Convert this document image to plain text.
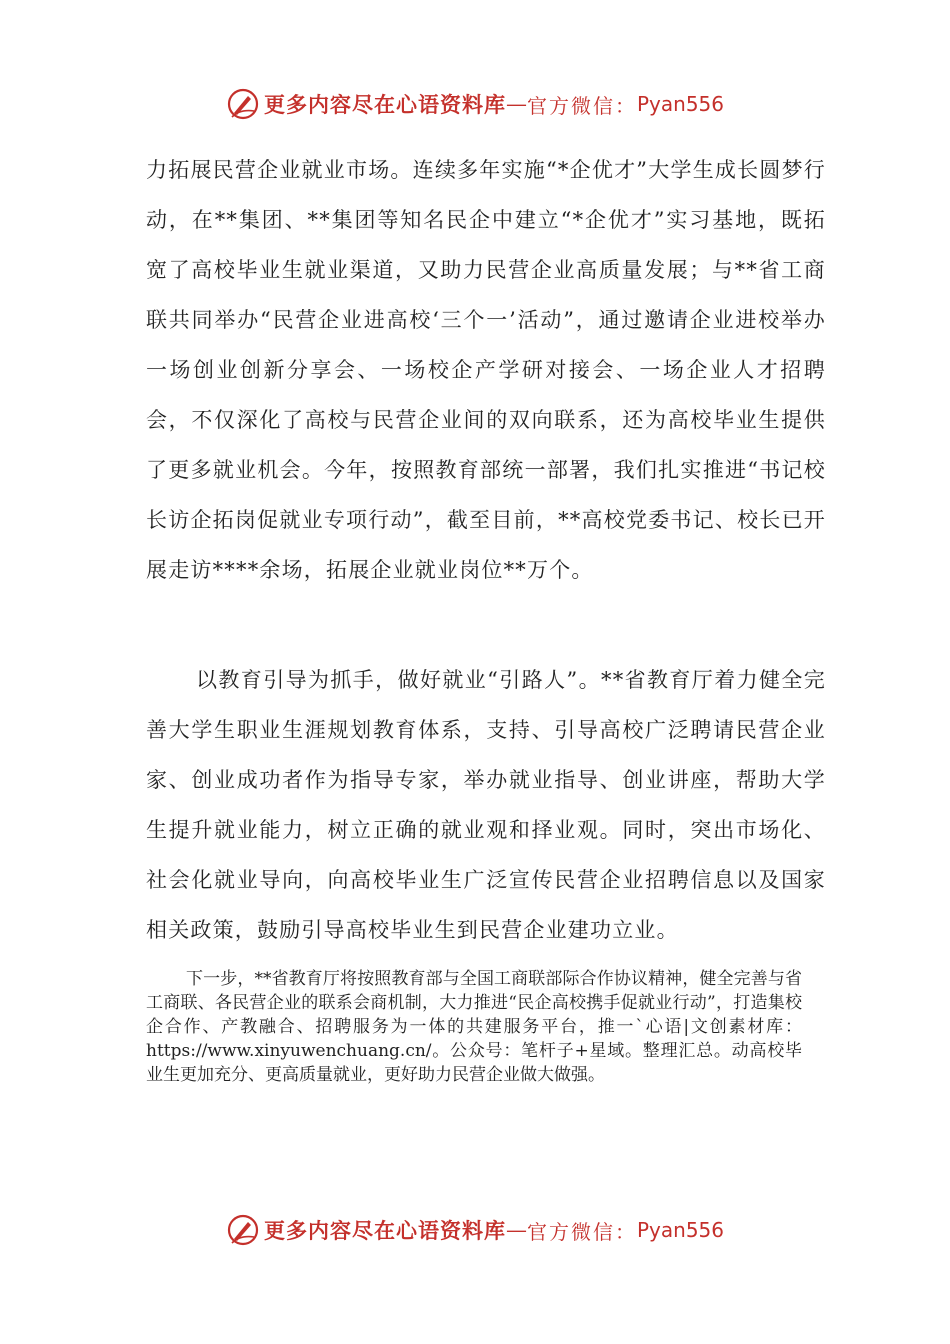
更多内容尽在心语资料库 — 官方微信： Pyan556

力拓展民营企业就业市场。连续多年实施“*企优才”大学生成长圆梦行动，在**集团、**集团等知名民企中建立“*企优才”实习基地，既拓宽了高校毕业生就业渠道，又助力民营企业高质量发展；与**省工商联共同举办“民营企业进高校‘三个一’活动”，通过邀请企业进校举办一场创业创新分享会、一场校企产学研对接会、一场企业人才招聘会，不仅深化了高校与民营企业间的双向联系，还为高校毕业生提供了更多就业机会。今年，按照教育部统一部署，我们扎实推进“书记校长访企拓岗促就业专项行动”，截至目前，**高校党委书记、校长已开展走访****余场，拓展企业就业岗位**万个。

以教育引导为抓手，做好就业“引路人”。**省教育厅着力健全完善大学生职业生涯规划教育体系，支持、引导高校广泛聘请民营企业家、创业成功者作为指导专家，举办就业指导、创业讲座，帮助大学生提升就业能力，树立正确的就业观和择业观。同时，突出市场化、社会化就业导向，向高校毕业生广泛宣传民营企业招聘信息以及国家相关政策，鼓励引导高校毕业生到民营企业建功立业。

下一步，**省教育厅将按照教育部与全国工商联部际合作协议精神，健全完善与省工商联、各民营企业的联系会商机制，大力推进“民企高校携手促就业行动”，打造集校企合作、产教融合、招聘服务为一体的共建服务平台，推一`心语|文创素材库：https://www.xinyuwenchuang.cn/。公众号：笔杆子+星域。整理汇总。动高校毕业生更加充分、更高质量就业，更好助力民营企业做大做强。

更多内容尽在心语资料库 — 官方微信： Pyan556
